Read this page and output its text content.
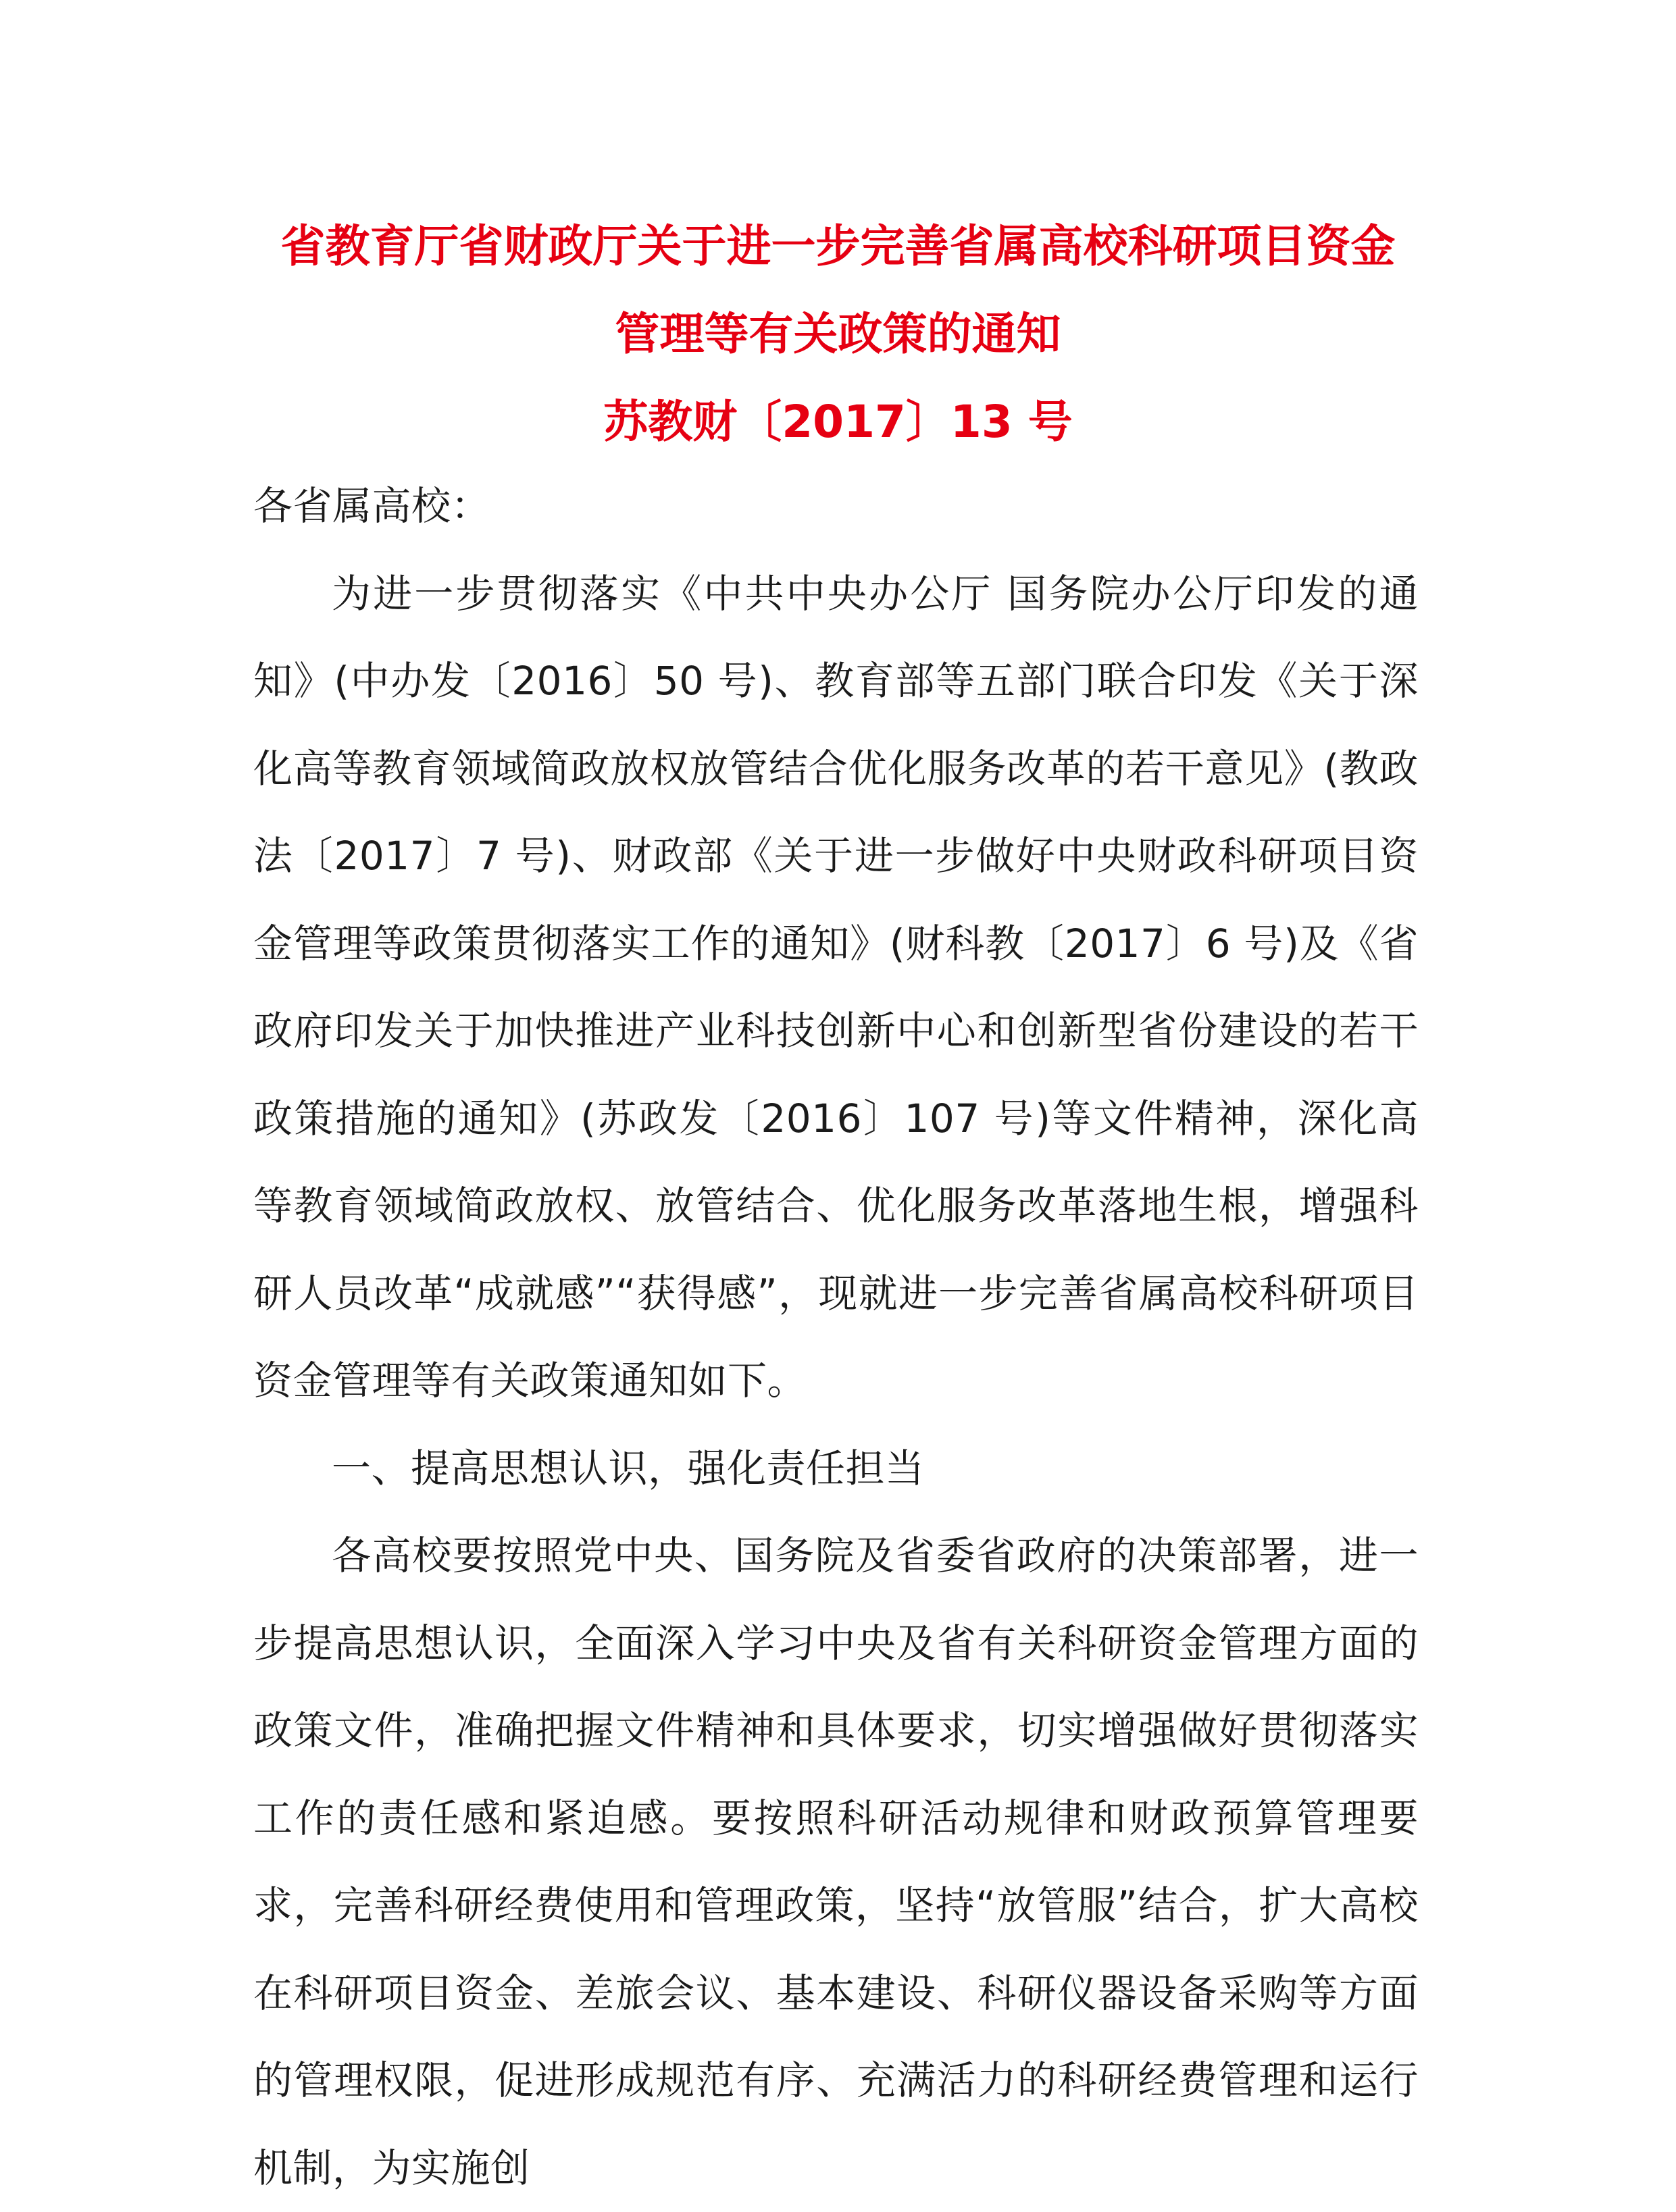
省教育厅省财政厅关于进一步完善省属高校科研项目资金
管理等有关政策的通知
苏教财〔2017〕13 号

各省属高校：

为进一步贯彻落实《中共中央办公厅 国务院办公厅印发的通知》(中办发〔2016〕50 号)、教育部等五部门联合印发《关于深化高等教育领域简政放权放管结合优化服务改革的若干意见》(教政法〔2017〕7 号)、财政部《关于进一步做好中央财政科研项目资金管理等政策贯彻落实工作的通知》(财科教〔2017〕6 号)及《省政府印发关于加快推进产业科技创新中心和创新型省份建设的若干政策措施的通知》(苏政发〔2016〕107 号)等文件精神，深化高等教育领域简政放权、放管结合、优化服务改革落地生根，增强科研人员改革“成就感”“获得感”，现就进一步完善省属高校科研项目资金管理等有关政策通知如下。

一、提高思想认识，强化责任担当

各高校要按照党中央、国务院及省委省政府的决策部署，进一步提高思想认识，全面深入学习中央及省有关科研资金管理方面的政策文件，准确把握文件精神和具体要求，切实增强做好贯彻落实工作的责任感和紧迫感。要按照科研活动规律和财政预算管理要求，完善科研经费使用和管理政策，坚持“放管服”结合，扩大高校在科研项目资金、差旅会议、基本建设、科研仪器设备采购等方面的管理权限，促进形成规范有序、充满活力的科研经费管理和运行机制，为实施创
